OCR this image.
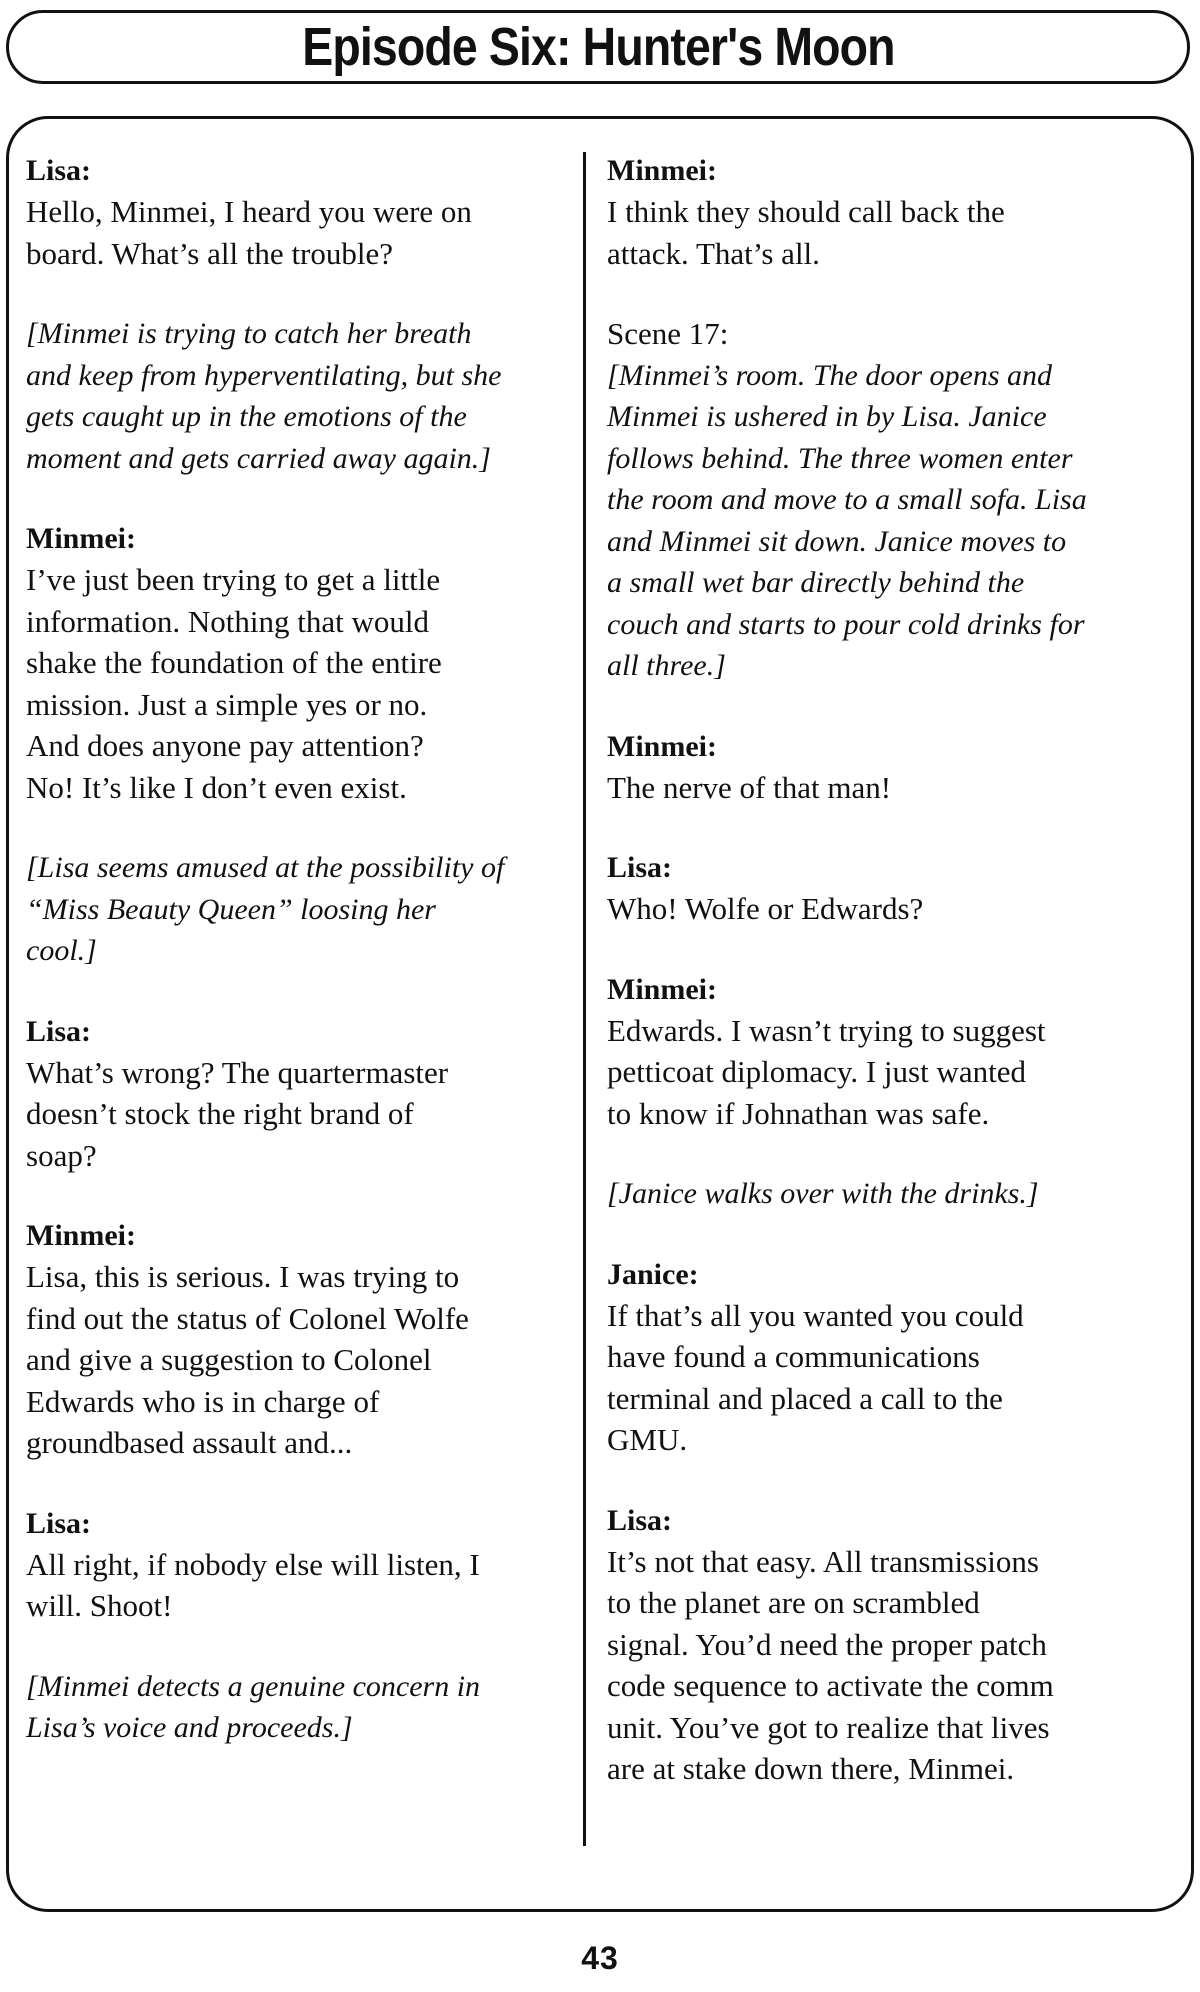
Episode Six: Hunter's Moon
Lisa:
Hello, Minmei, I heard you were on
board. What’s all the trouble?
[Minmei is trying to catch her breath
and keep from hyperventilating, but she
gets caught up in the emotions of the
moment and gets carried away again.]
Minmei:
I’ve just been trying to get a little
information. Nothing that would
shake the foundation of the entire
mission. Just a simple yes or no.
And does anyone pay attention?
No! It’s like I don’t even exist.
[Lisa seems amused at the possibility of
“Miss Beauty Queen” loosing her
cool.]
Lisa:
What’s wrong? The quartermaster
doesn’t stock the right brand of
soap?
Minmei:
Lisa, this is serious. I was trying to
find out the status of Colonel Wolfe
and give a suggestion to Colonel
Edwards who is in charge of
groundbased assault and...
Lisa:
All right, if nobody else will listen, I
will. Shoot!
[Minmei detects a genuine concern in
Lisa’s voice and proceeds.]
Minmei:
I think they should call back the
attack. That’s all.
Scene 17:
[Minmei’s room. The door opens and
Minmei is ushered in by Lisa. Janice
follows behind. The three women enter
the room and move to a small sofa. Lisa
and Minmei sit down. Janice moves to
a small wet bar directly behind the
couch and starts to pour cold drinks for
all three.]
Minmei:
The nerve of that man!
Lisa:
Who! Wolfe or Edwards?
Minmei:
Edwards. I wasn’t trying to suggest
petticoat diplomacy. I just wanted
to know if Johnathan was safe.
[Janice walks over with the drinks.]
Janice:
If that’s all you wanted you could
have found a communications
terminal and placed a call to the
GMU.
Lisa:
It’s not that easy. All transmissions
to the planet are on scrambled
signal. You’d need the proper patch
code sequence to activate the comm
unit. You’ve got to realize that lives
are at stake down there, Minmei.
43
